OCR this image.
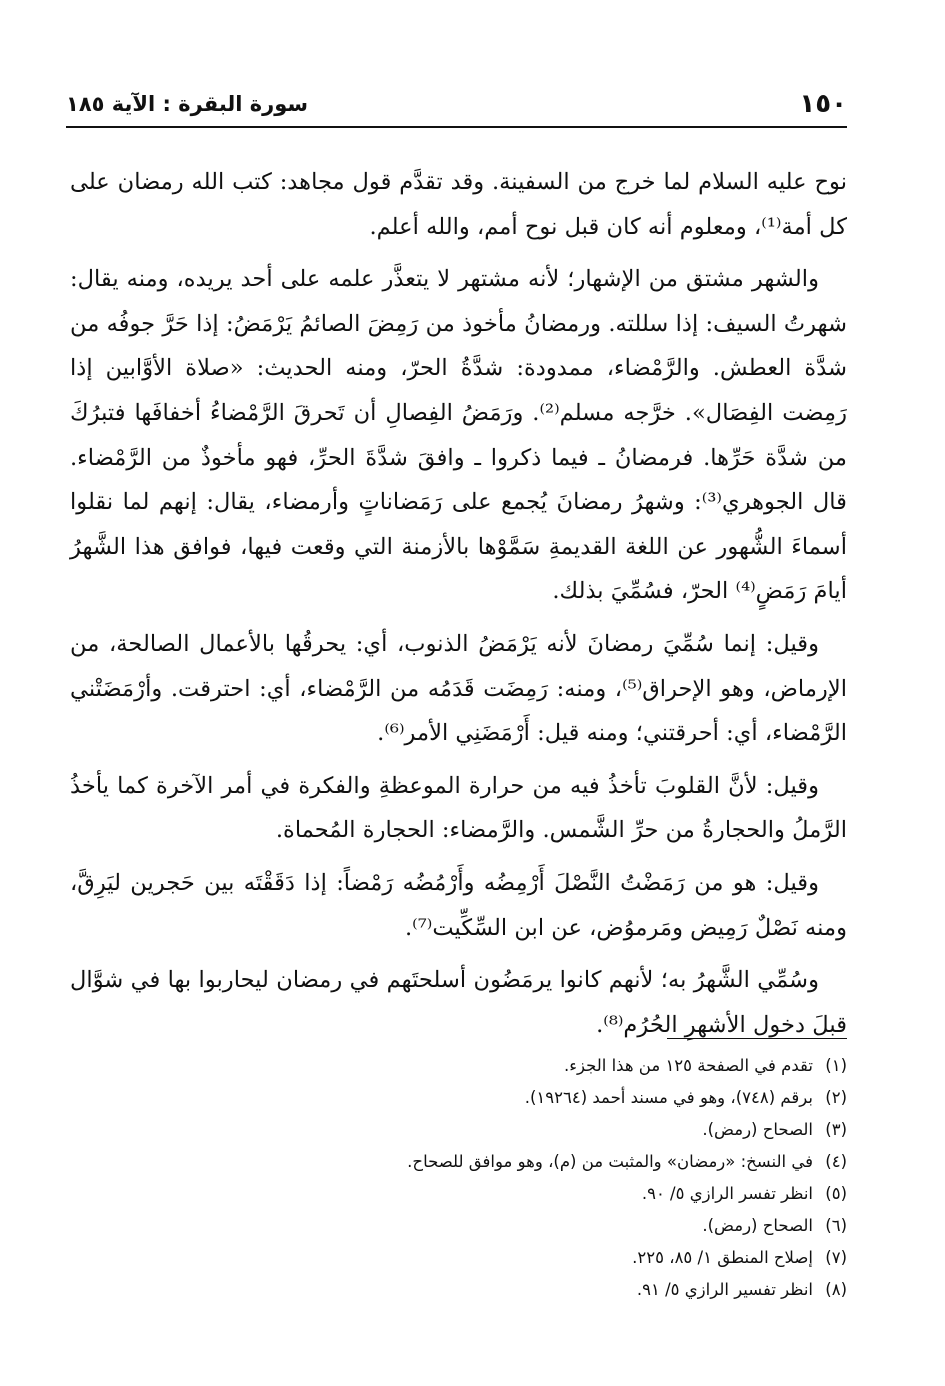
١٥٠
سورة البقرة : الآية ١٨٥

نوح عليه السلام لما خرج من السفينة. وقد تقدَّم قول مجاهد: كتب الله رمضان على كل أمة⁽¹⁾، ومعلوم أنه كان قبل نوح أمم، والله أعلم.

والشهر مشتق من الإشهار؛ لأنه مشتهر لا يتعذَّر علمه على أحد يريده، ومنه يقال: شهرتُ السيف: إذا سللته. ورمضانُ مأخوذ من رَمِضَ الصائمُ يَرْمَضُ: إذا حَرَّ جوفُه من شدَّة العطش. والرَّمْضاء، ممدودة: شدَّةُ الحرّ، ومنه الحديث: «صلاة الأوَّابين إذا رَمِضت الفِصَال». خرَّجه مسلم⁽²⁾. ورَمَضُ الفِصالِ أن تَحرقَ الرَّمْضاءُ أخفافَها فتبرُكَ من شدَّة حَرِّها. فرمضانُ ـ فيما ذكروا ـ وافقَ شدَّةَ الحرِّ، فهو مأخوذٌ من الرَّمْضاء. قال الجوهري⁽³⁾: وشهرُ رمضانَ يُجمع على رَمَضاناتٍ وأرمضاء، يقال: إنهم لما نقلوا أسماءَ الشُّهور عن اللغة القديمةِ سَمَّوْها بالأزمنة التي وقعت فيها، فوافق هذا الشَّهرُ أيامَ رَمَضٍ⁽⁴⁾ الحرّ، فسُمِّيَ بذلك.

وقيل: إنما سُمِّيَ رمضانَ لأنه يَرْمَضُ الذنوب، أي: يحرقُها بالأعمال الصالحة، من الإرماض، وهو الإحراق⁽⁵⁾، ومنه: رَمِضَت قَدَمُه من الرَّمْضاء، أي: احترقت. وأرْمَضَتْني الرَّمْضاء، أي: أحرقتني؛ ومنه قيل: أَرْمَضَنِي الأمر⁽⁶⁾.

وقيل: لأنَّ القلوبَ تأخذُ فيه من حرارة الموعظةِ والفكرة في أمر الآخرة كما يأخذُ الرَّملُ والحجارةُ من حرِّ الشَّمس. والرَّمضاء: الحجارة المُحماة.

وقيل: هو من رَمَضْتُ النَّصْلَ أَرْمِضُه وأَرْمُضُه رَمْضاً: إذا دَقَقْتَه بين حَجرين ليَرِقَّ، ومنه نَصْلٌ رَمِيض ومَرموُض، عن ابن السِّكِّيت⁽⁷⁾.

وسُمِّي الشَّهرُ به؛ لأنهم كانوا يرمَضُون أسلحتَهم في رمضان ليحاربوا بها في شوَّال قبلَ دخول الأشهرِ الحُرُم⁽⁸⁾.

(١)تقدم في الصفحة ١٢٥ من هذا الجزء.
(٢)برقم (٧٤٨)، وهو في مسند أحمد (١٩٢٦٤).
(٣)الصحاح (رمض).
(٤)في النسخ: «رمضان» والمثبت من (م)، وهو موافق للصحاح.
(٥)انظر تفسر الرازي ٥/ ٩٠.
(٦)الصحاح (رمض).
(٧)إصلاح المنطق ١/ ٨٥، ٢٢٥.
(٨)انظر تفسير الرازي ٥/ ٩١.
